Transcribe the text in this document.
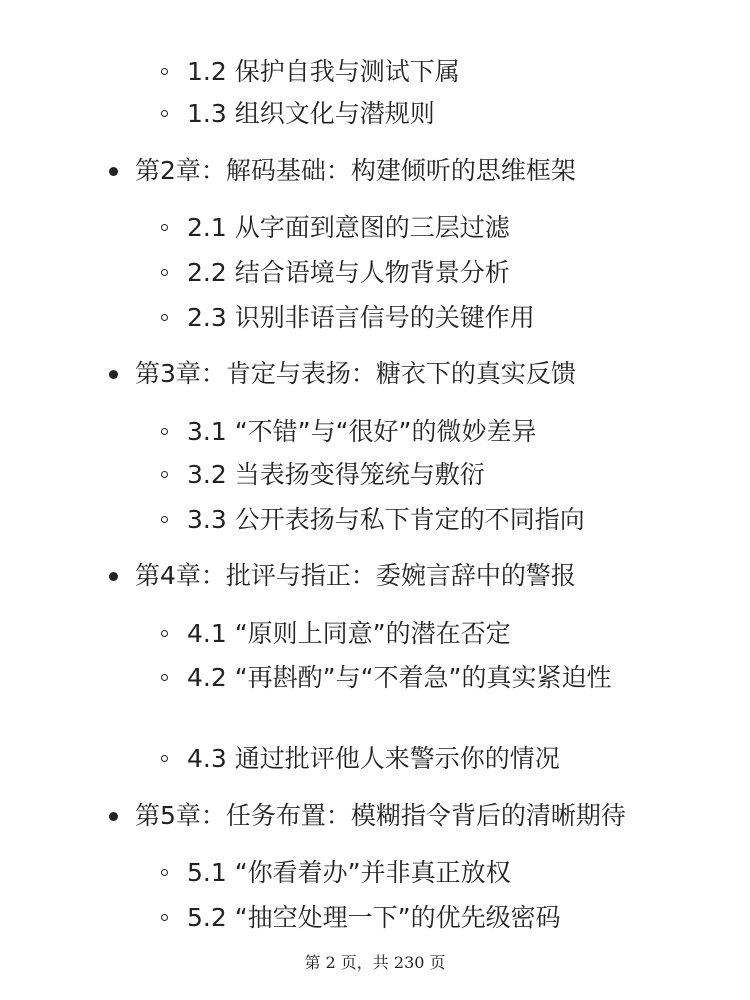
1.2 保护自我与测试下属
1.3 组织文化与潜规则
第2章：解码基础：构建倾听的思维框架
2.1 从字面到意图的三层过滤
2.2 结合语境与人物背景分析
2.3 识别非语言信号的关键作用
第3章：肯定与表扬：糖衣下的真实反馈
3.1 “不错”与“很好”的微妙差异
3.2 当表扬变得笼统与敷衍
3.3 公开表扬与私下肯定的不同指向
第4章：批评与指正：委婉言辞中的警报
4.1 “原则上同意”的潜在否定
4.2 “再斟酌”与“不着急”的真实紧迫性
4.3 通过批评他人来警示你的情况
第5章：任务布置：模糊指令背后的清晰期待
5.1 “你看着办”并非真正放权
5.2 “抽空处理一下”的优先级密码
第 2 页，共 230 页
